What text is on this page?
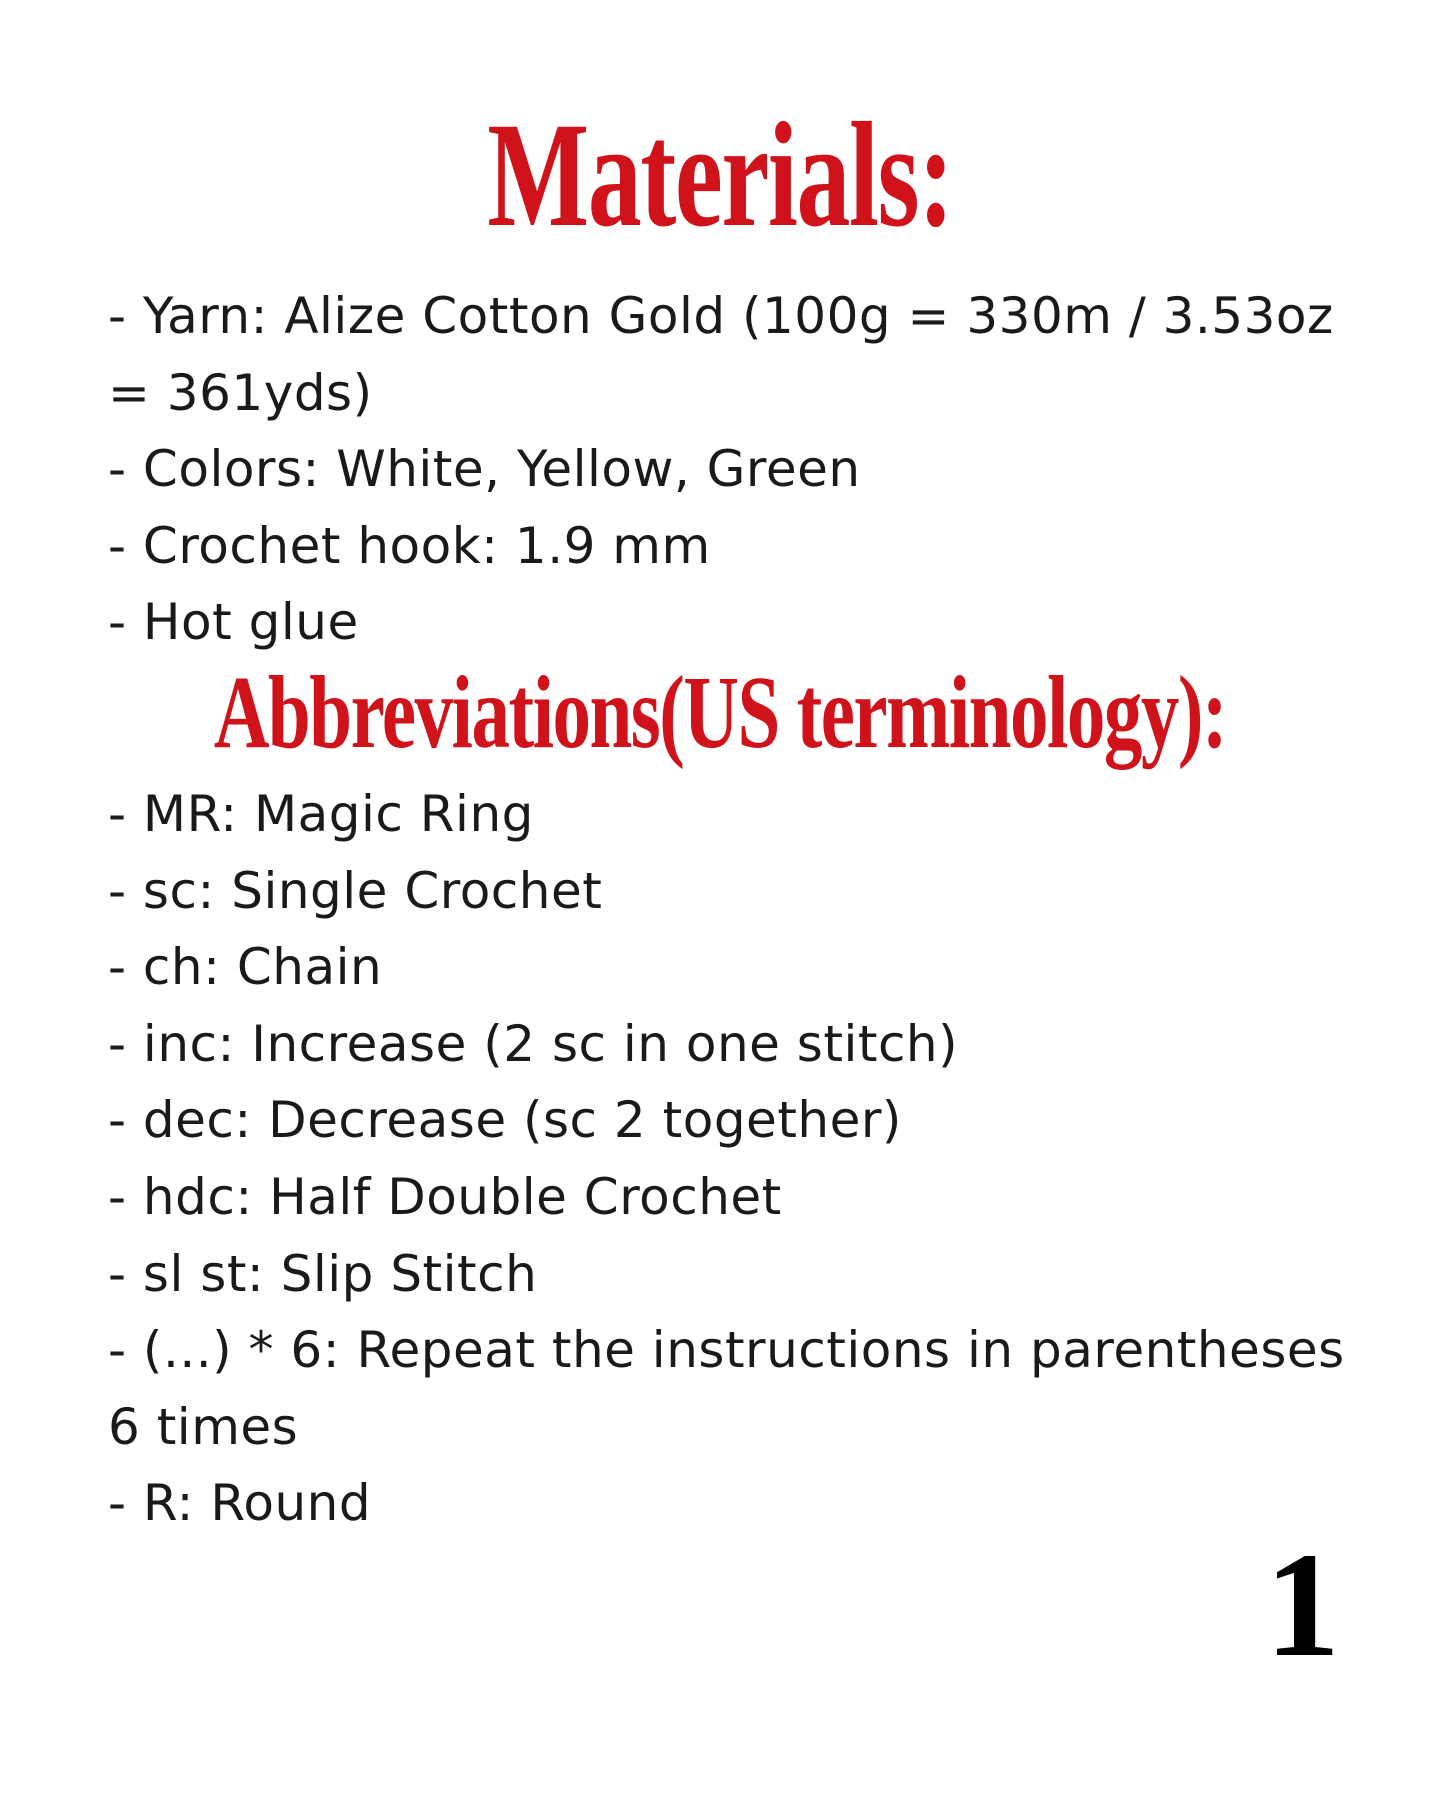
Materials:
- Yarn: Alize Cotton Gold (100g = 330m / 3.53oz = 361yds)
- Colors: White, Yellow, Green
- Crochet hook: 1.9 mm
- Hot glue
Abbreviations(US terminology):
- MR: Magic Ring
- sc: Single Crochet
- ch: Chain
- inc: Increase (2 sc in one stitch)
- dec: Decrease (sc 2 together)
- hdc: Half Double Crochet
- sl st: Slip Stitch
- (...) * 6: Repeat the instructions in parentheses 6 times
- R: Round
1
